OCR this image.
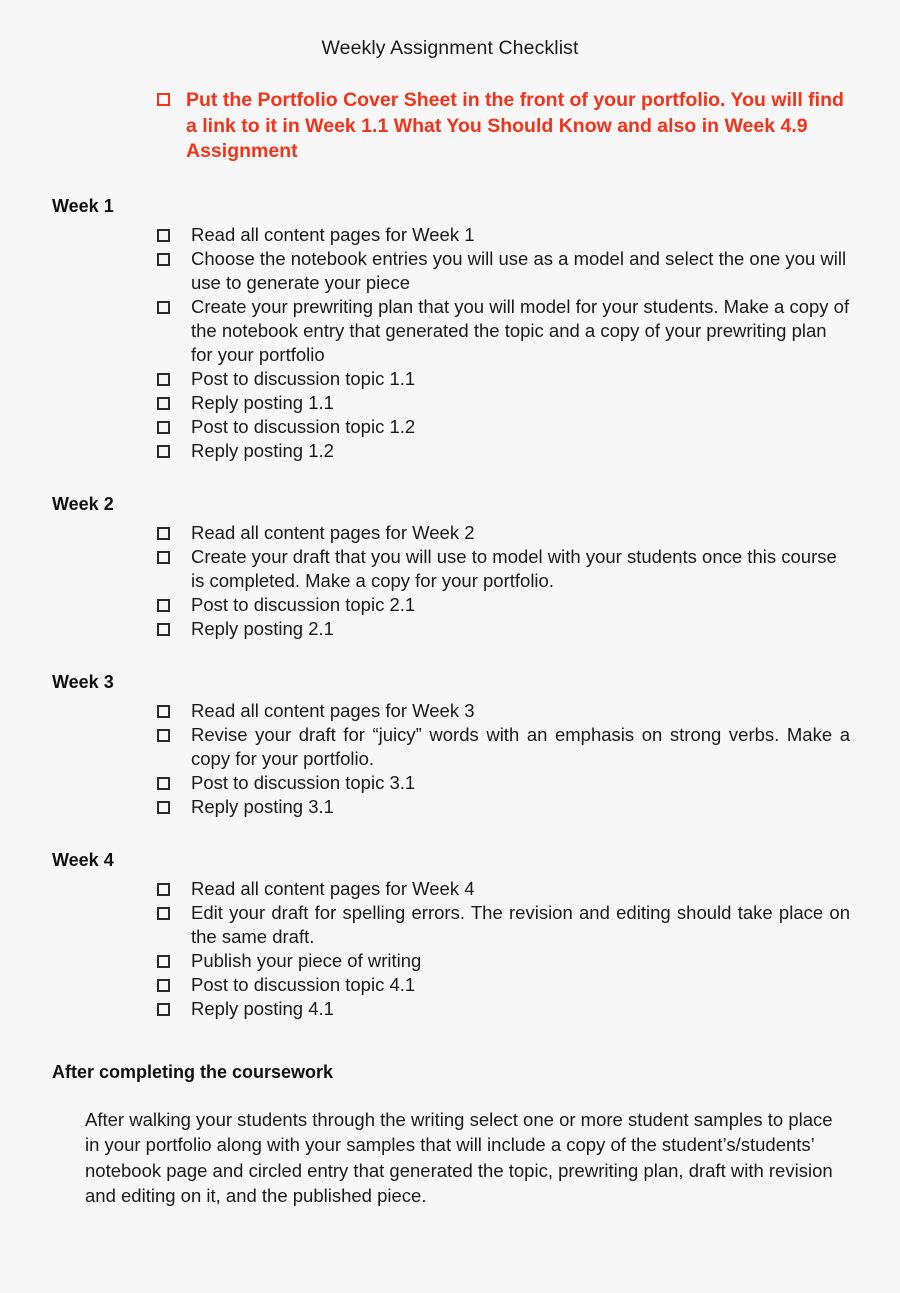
Weekly Assignment Checklist
Put the Portfolio Cover Sheet in the front of your portfolio. You will find a link to it in Week 1.1 What You Should Know and also in Week 4.9 Assignment
Week 1
Read all content pages for Week 1
Choose the notebook entries you will use as a model and select the one you will use to generate your piece
Create your prewriting plan that you will model for your students. Make a copy of the notebook entry that generated the topic and a copy of your prewriting plan for your portfolio
Post to discussion topic 1.1
Reply posting 1.1
Post to discussion topic 1.2
Reply posting 1.2
Week 2
Read all content pages for Week 2
Create your draft that you will use to model with your students once this course is completed. Make a copy for your portfolio.
Post to discussion topic 2.1
Reply posting 2.1
Week 3
Read all content pages for Week 3
Revise your draft for “juicy” words with an emphasis on strong verbs. Make a copy for your portfolio.
Post to discussion topic 3.1
Reply posting 3.1
Week 4
Read all content pages for Week 4
Edit your draft for spelling errors. The revision and editing should take place on the same draft.
Publish your piece of writing
Post to discussion topic 4.1
Reply posting 4.1
After completing the coursework
After walking your students through the writing select one or more student samples to place in your portfolio along with your samples that will include a copy of the student’s/students’ notebook page and circled entry that generated the topic, prewriting plan, draft with revision and editing on it, and the published piece.
